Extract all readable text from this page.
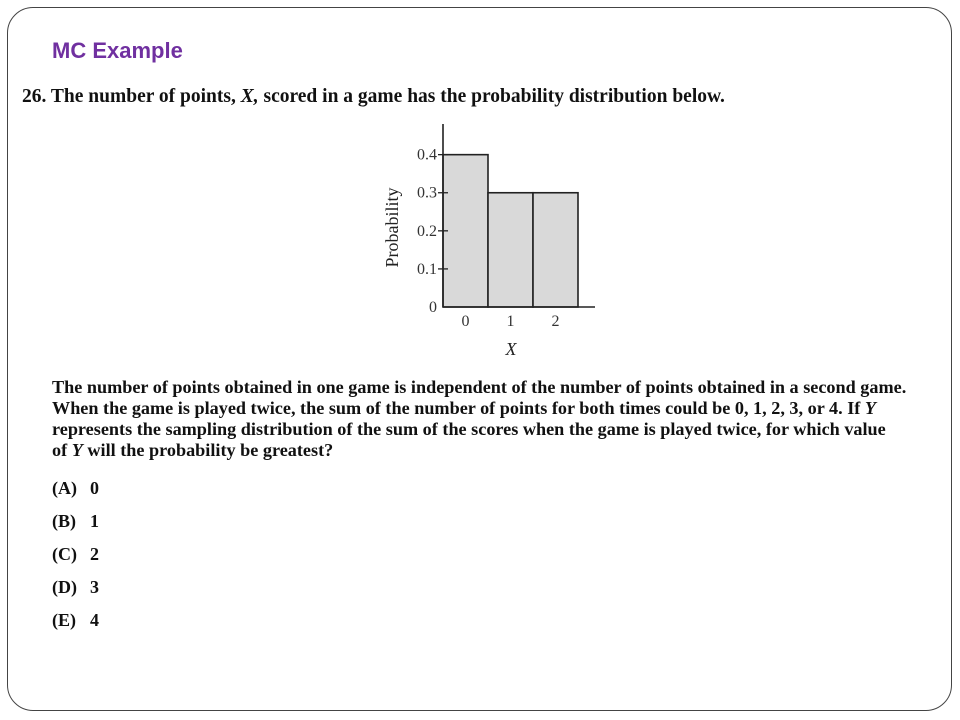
MC Example
26. The number of points, X, scored in a game has the probability distribution below.
0 1 2
0
0.1
0.2
0.3
0.4
Probability
X
The number of points obtained in one game is independent of the number of points obtained in a second game.
When the game is played twice, the sum of the number of points for both times could be 0, 1, 2, 3, or 4. If Y
represents the sampling distribution of the sum of the scores when the game is played twice, for which value
of Y will the probability be greatest?
(A) 0
(B) 1
(C) 2
(D) 3
(E) 4
